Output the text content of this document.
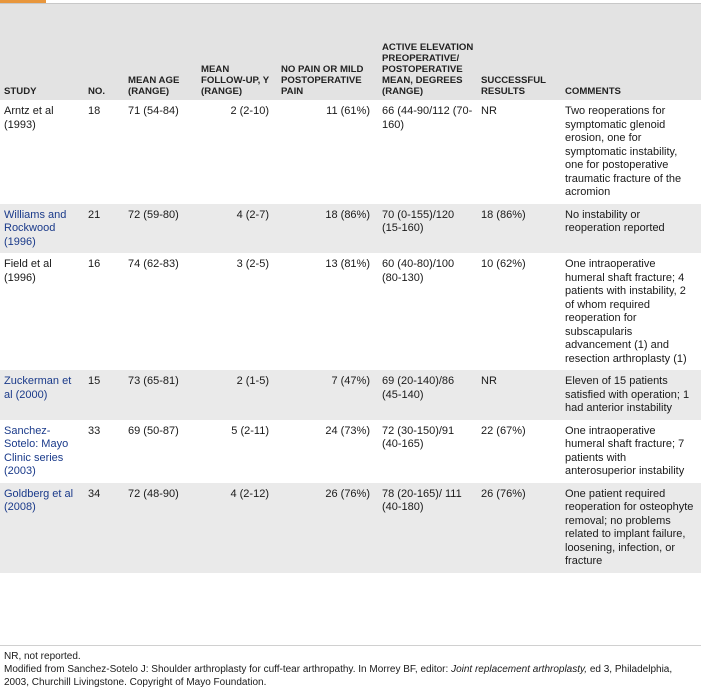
STUDY	NO.	MEAN AGE (RANGE)	MEAN FOLLOW-UP, Y (RANGE)	NO PAIN OR MILD POSTOPERATIVE PAIN	ACTIVE ELEVATION PREOPERATIVE/ POSTOPERATIVE MEAN, DEGREES (RANGE)	SUCCESSFUL RESULTS	COMMENTS
Arntz et al (1993)	18	71 (54-84)	2 (2-10)	11 (61%)	66 (44-90/112 (70-160)	NR	Two reoperations for symptomatic glenoid erosion, one for symptomatic instability, one for postoperative traumatic fracture of the acromion
Williams and Rockwood (1996)	21	72 (59-80)	4 (2-7)	18 (86%)	70 (0-155)/120 (15-160)	18 (86%)	No instability or reoperation reported
Field et al (1996)	16	74 (62-83)	3 (2-5)	13 (81%)	60 (40-80)/100 (80-130)	10 (62%)	One intraoperative humeral shaft fracture; 4 patients with instability, 2 of whom required reoperation for subscapularis advancement (1) and resection arthroplasty (1)
Zuckerman et al (2000)	15	73 (65-81)	2 (1-5)	7 (47%)	69 (20-140)/86 (45-140)	NR	Eleven of 15 patients satisfied with operation; 1 had anterior instability
Sanchez-Sotelo: Mayo Clinic series (2003)	33	69 (50-87)	5 (2-11)	24 (73%)	72 (30-150)/91 (40-165)	22 (67%)	One intraoperative humeral shaft fracture; 7 patients with anterosuperior instability
Goldberg et al (2008)	34	72 (48-90)	4 (2-12)	26 (76%)	78 (20-165)/ 111 (40-180)	26 (76%)	One patient required reoperation for osteophyte removal; no problems related to implant failure, loosening, infection, or fracture
NR, not reported.
Modified from Sanchez-Sotelo J: Shoulder arthroplasty for cuff-tear arthropathy. In Morrey BF, editor: Joint replacement arthroplasty, ed 3, Philadelphia, 2003, Churchill Livingstone. Copyright of Mayo Foundation.
